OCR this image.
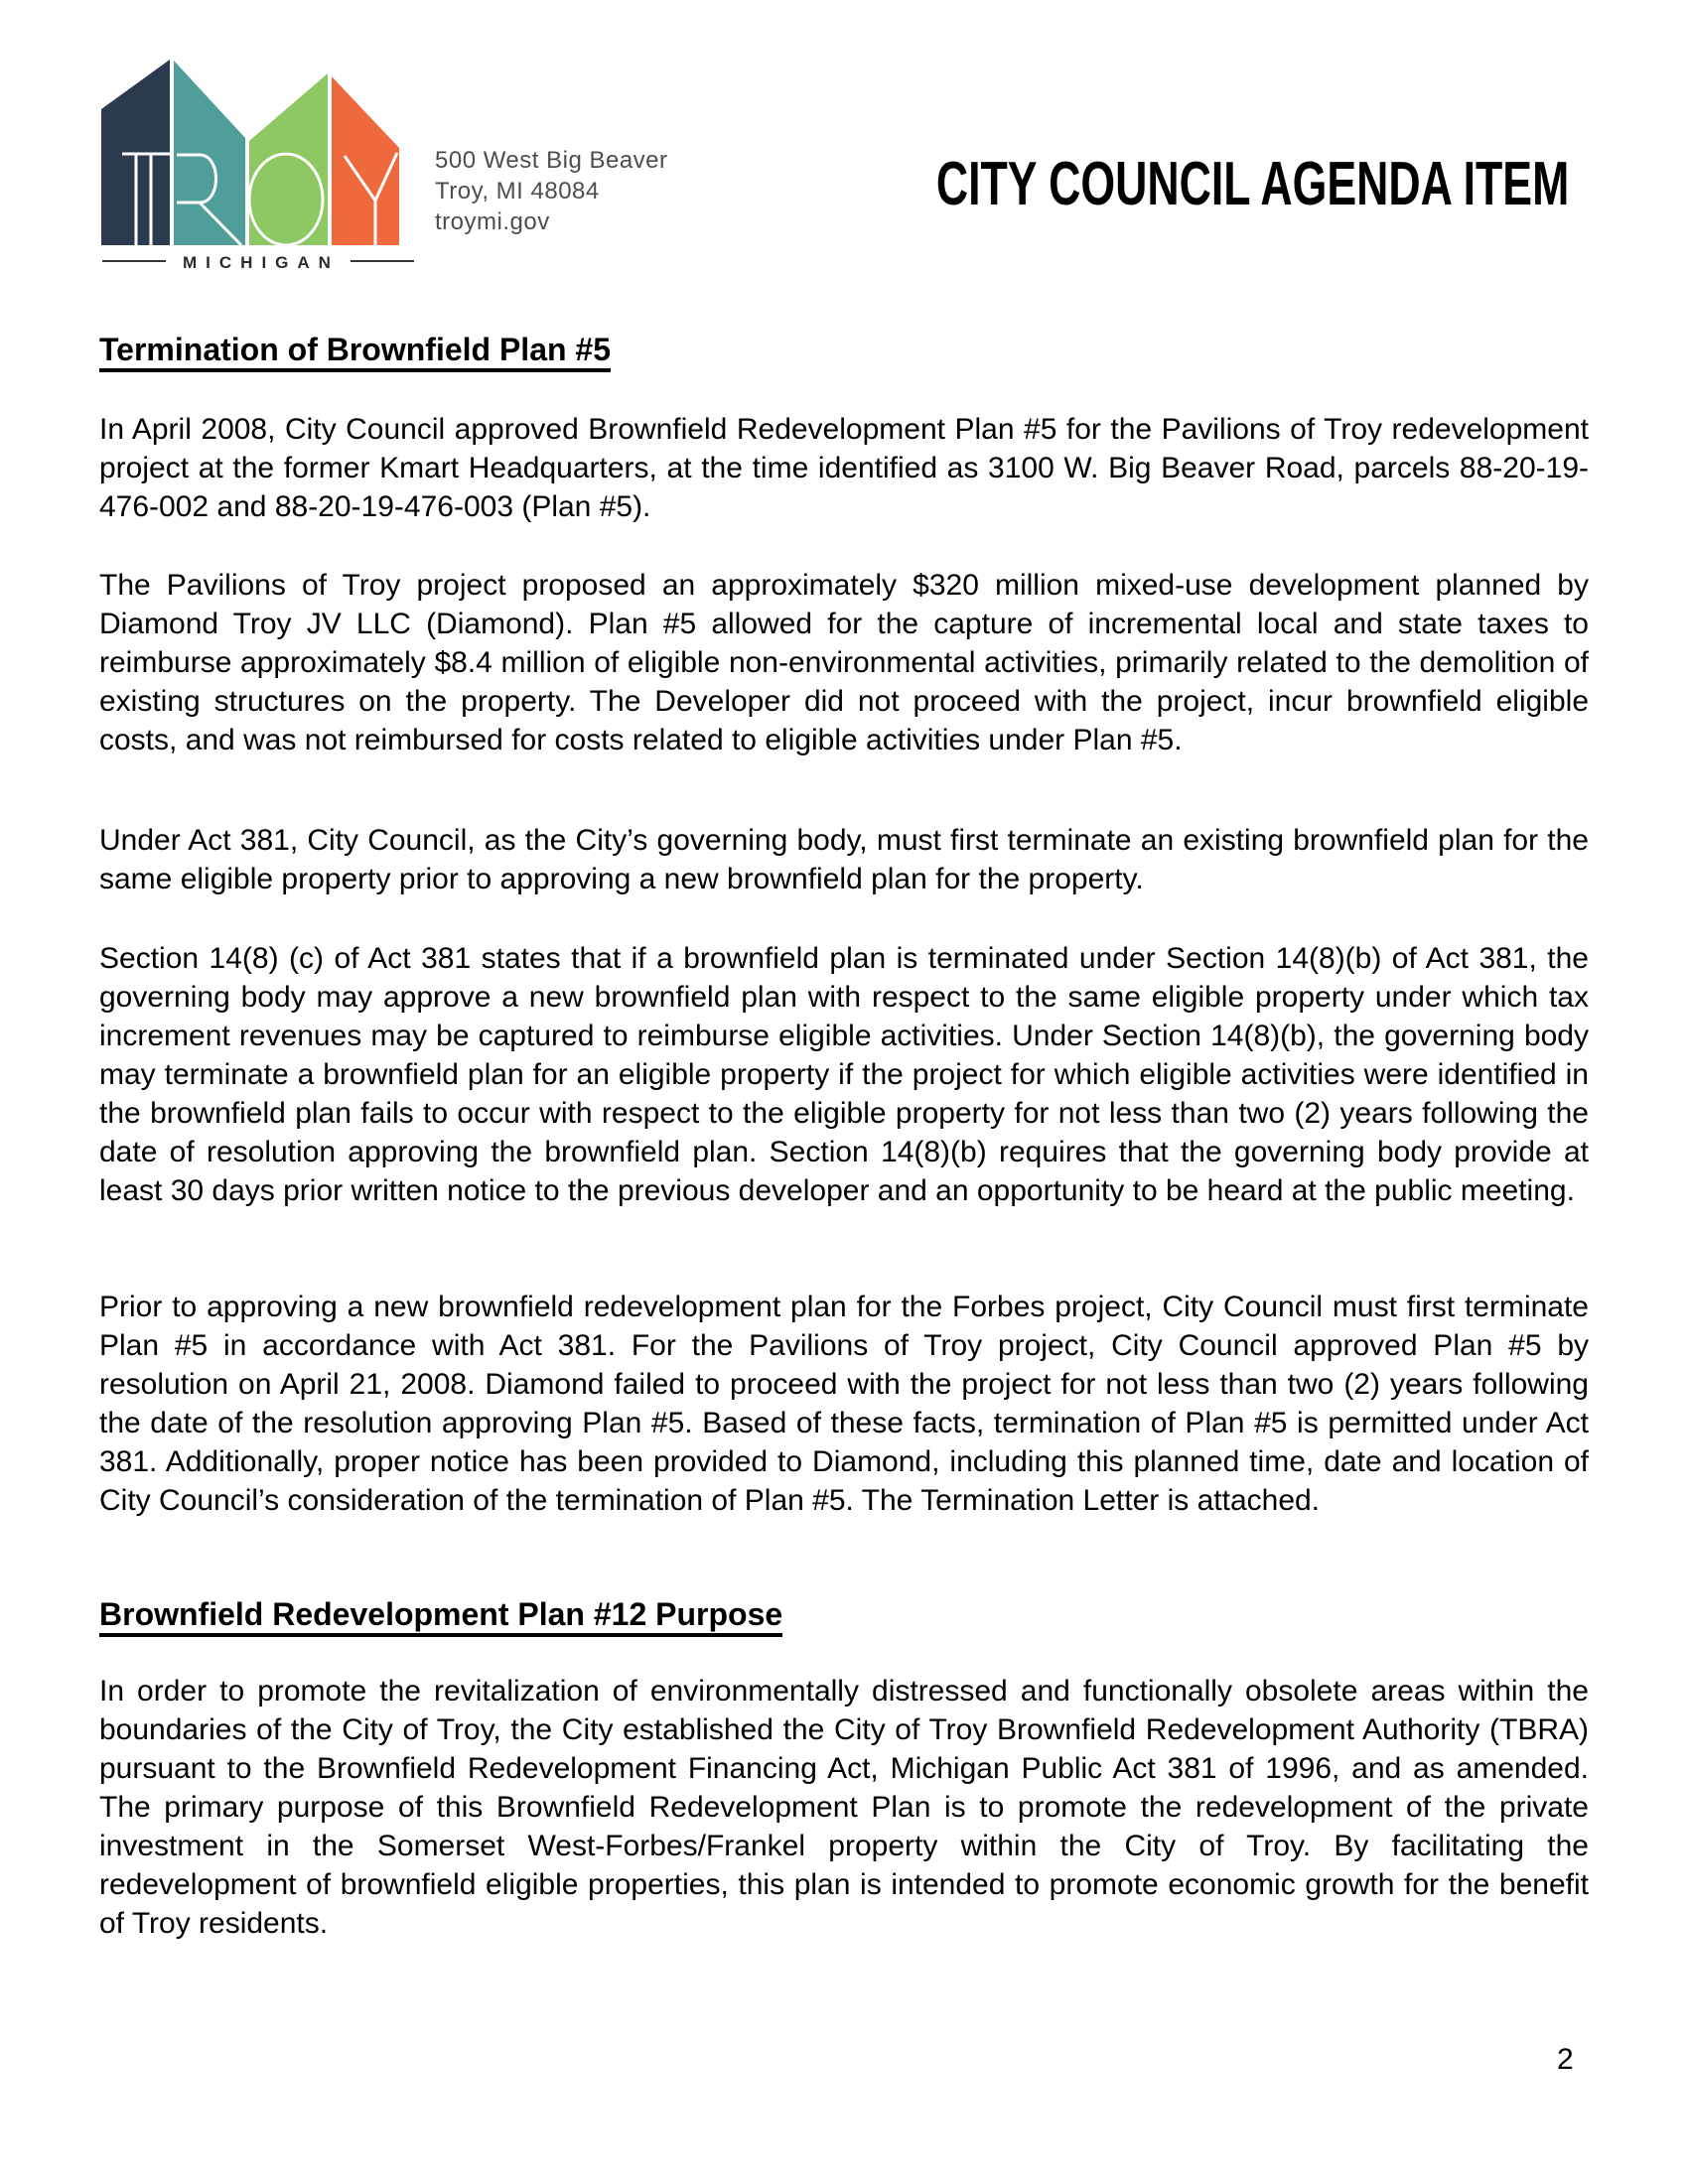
MICHIGAN
500 West Big Beaver
Troy, MI 48084
troymi.gov
CITY COUNCIL AGENDA ITEM
Termination of Brownfield Plan #5

In April 2008, City Council approved Brownfield Redevelopment Plan #5 for the Pavilions of Troy redevelopment project at the former Kmart Headquarters, at the time identified as 3100 W. Big Beaver Road, parcels 88-20-19-476-002 and 88-20-19-476-003 (Plan #5).

The Pavilions of Troy project proposed an approximately $320 million mixed-use development planned by Diamond Troy JV LLC (Diamond). Plan #5 allowed for the capture of incremental local and state taxes to reimburse approximately $8.4 million of eligible non-environmental activities, primarily related to the demolition of existing structures on the property. The Developer did not proceed with the project, incur brownfield eligible costs, and was not reimbursed for costs related to eligible activities under Plan #5.

Under Act 381, City Council, as the City’s governing body, must first terminate an existing brownfield plan for the same eligible property prior to approving a new brownfield plan for the property.

Section 14(8) (c) of Act 381 states that if a brownfield plan is terminated under Section 14(8)(b) of Act 381, the governing body may approve a new brownfield plan with respect to the same eligible property under which tax increment revenues may be captured to reimburse eligible activities. Under Section 14(8)(b), the governing body may terminate a brownfield plan for an eligible property if the project for which eligible activities were identified in the brownfield plan fails to occur with respect to the eligible property for not less than two (2) years following the date of resolution approving the brownfield plan. Section 14(8)(b) requires that the governing body provide at least 30 days prior written notice to the previous developer and an opportunity to be heard at the public meeting.

Prior to approving a new brownfield redevelopment plan for the Forbes project, City Council must first terminate Plan #5 in accordance with Act 381. For the Pavilions of Troy project, City Council approved Plan #5 by resolution on April 21, 2008. Diamond failed to proceed with the project for not less than two (2) years following the date of the resolution approving Plan #5. Based of these facts, termination of Plan #5 is permitted under Act 381. Additionally, proper notice has been provided to Diamond, including this planned time, date and location of City Council’s consideration of the termination of Plan #5. The Termination Letter is attached.

Brownfield Redevelopment Plan #12 Purpose

In order to promote the revitalization of environmentally distressed and functionally obsolete areas within the boundaries of the City of Troy, the City established the City of Troy Brownfield Redevelopment Authority (TBRA) pursuant to the Brownfield Redevelopment Financing Act, Michigan Public Act 381 of 1996, and as amended. The primary purpose of this Brownfield Redevelopment Plan is to promote the redevelopment of the private investment in the Somerset West-Forbes/Frankel property within the City of Troy. By facilitating the redevelopment of brownfield eligible properties, this plan is intended to promote economic growth for the benefit of Troy residents.

2
